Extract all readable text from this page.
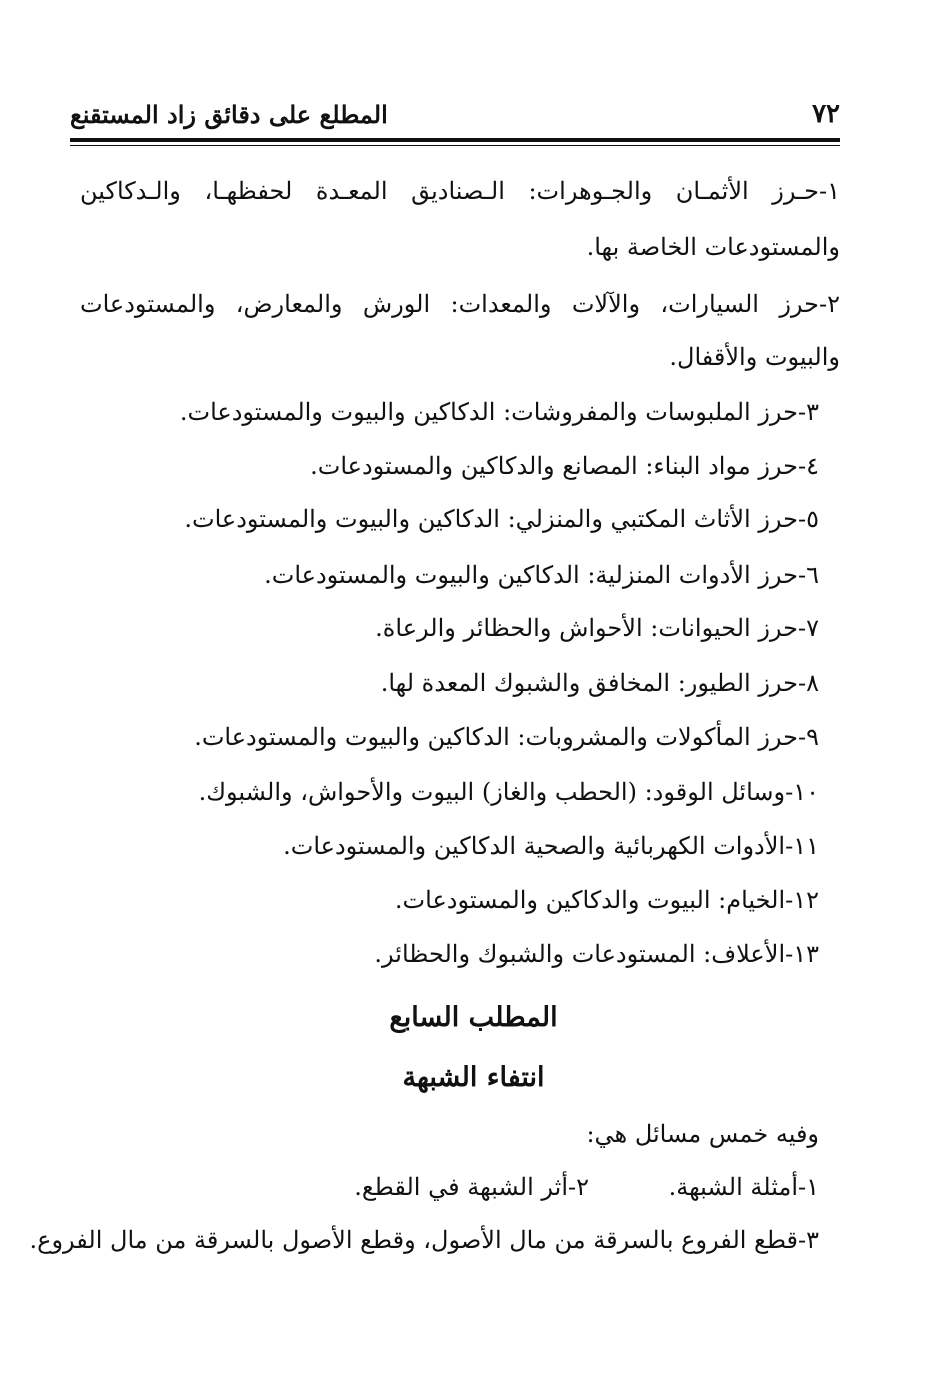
٧٢
المطلع على دقائق زاد المستقنع
١-حـرز الأثمـان والجـوهرات: الـصناديق المعـدة لحفظهـا، والـدكاكين
والمستودعات الخاصة بها.
٢-حرز السيارات، والآلات والمعدات: الورش والمعارض، والمستودعات
والبيوت والأقفال.
٣-حرز الملبوسات والمفروشات: الدكاكين والبيوت والمستودعات.
٤-حرز مواد البناء: المصانع والدكاكين والمستودعات.
٥-حرز الأثاث المكتبي والمنزلي: الدكاكين والبيوت والمستودعات.
٦-حرز الأدوات المنزلية: الدكاكين والبيوت والمستودعات.
٧-حرز الحيوانات: الأحواش والحظائر والرعاة.
٨-حرز الطيور: المخافق والشبوك المعدة لها.
٩-حرز المأكولات والمشروبات: الدكاكين والبيوت والمستودعات.
١٠-وسائل الوقود: (الحطب والغاز) البيوت والأحواش، والشبوك.
١١-الأدوات الكهربائية والصحية الدكاكين والمستودعات.
١٢-الخيام: البيوت والدكاكين والمستودعات.
١٣-الأعلاف: المستودعات والشبوك والحظائر.
المطلب السابع
انتفاء الشبهة
وفيه خمس مسائل هي:
١-أمثلة الشبهة.
٢-أثر الشبهة في القطع.
٣-قطع الفروع بالسرقة من مال الأصول، وقطع الأصول بالسرقة من مال الفروع.
